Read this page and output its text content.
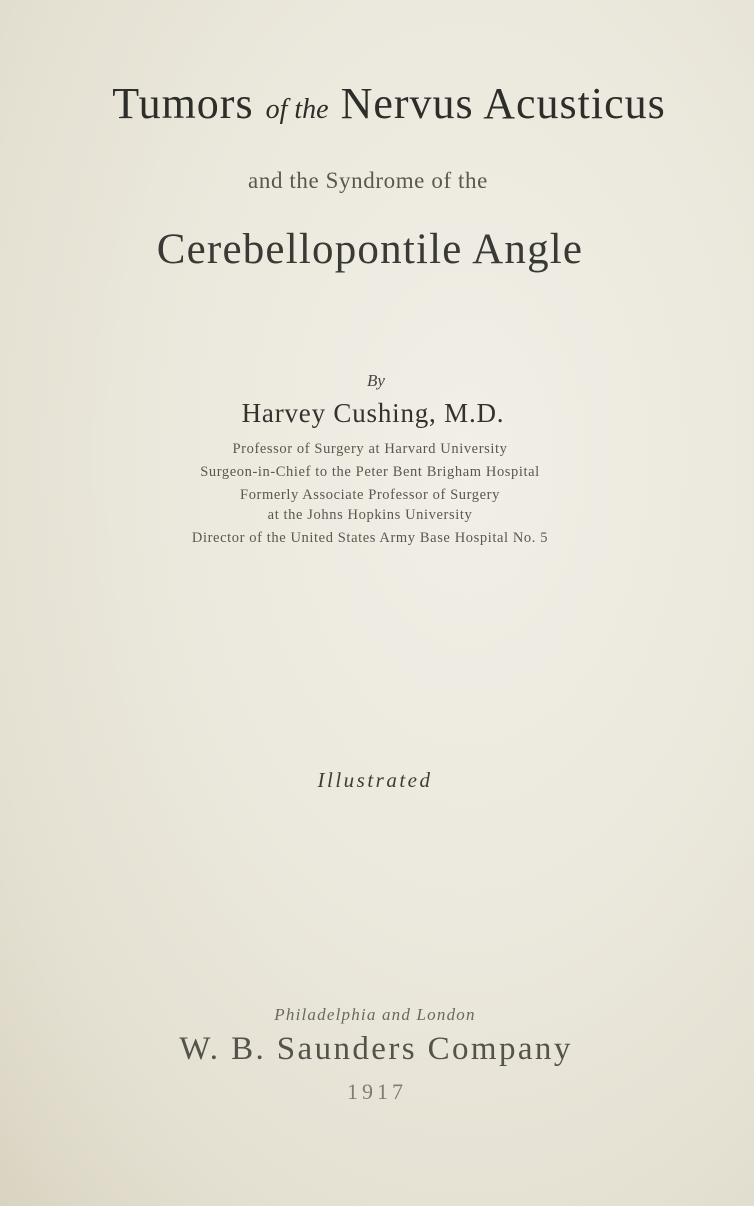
Tumors of the Nervus Acusticus
and the Syndrome of the
Cerebellopontile Angle
By
Harvey Cushing, M.D.
Professor of Surgery at Harvard University
Surgeon-in-Chief to the Peter Bent Brigham Hospital
Formerly Associate Professor of Surgery
at the Johns Hopkins University
Director of the United States Army Base Hospital No. 5
Illustrated
Philadelphia and London
W. B. Saunders Company
1917
